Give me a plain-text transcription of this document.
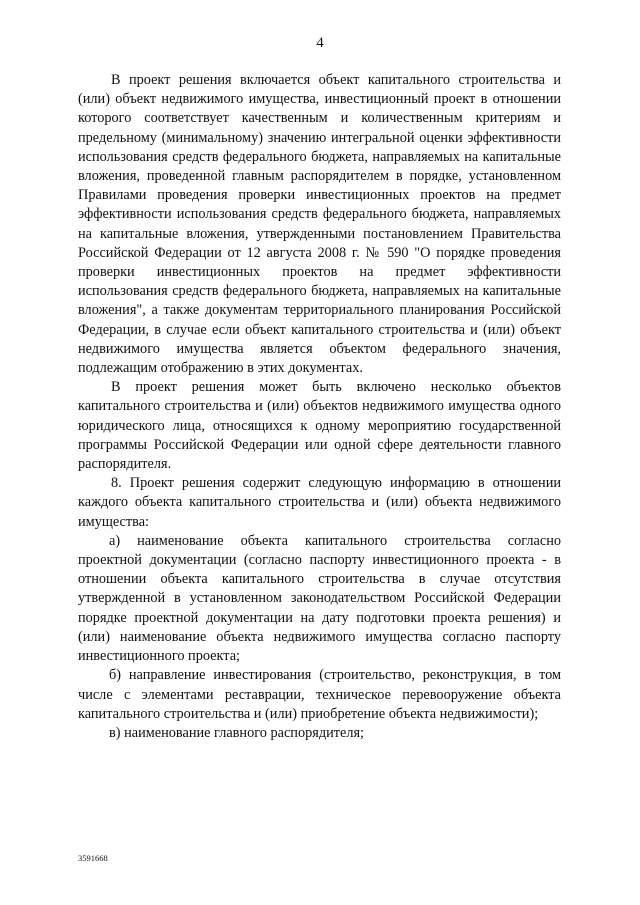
4

В проект решения включается объект капитального строительства и (или) объект недвижимого имущества, инвестиционный проект в отношении которого соответствует качественным и количественным критериям и предельному (минимальному) значению интегральной оценки эффективности использования средств федерального бюджета, направляемых на капитальные вложения, проведенной главным распорядителем в порядке, установленном Правилами проведения проверки инвестиционных проектов на предмет эффективности использования средств федерального бюджета, направляемых на капитальные вложения, утвержденными постановлением Правительства Российской Федерации от 12 августа 2008 г. № 590 "О порядке проведения проверки инвестиционных проектов на предмет эффективности использования средств федерального бюджета, направляемых на капитальные вложения", а также документам территориального планирования Российской Федерации, в случае если объект капитального строительства и (или) объект недвижимого имущества является объектом федерального значения, подлежащим отображению в этих документах.

В проект решения может быть включено несколько объектов капитального строительства и (или) объектов недвижимого имущества одного юридического лица, относящихся к одному мероприятию государственной программы Российской Федерации или одной сфере деятельности главного распорядителя.

8. Проект решения содержит следующую информацию в отношении каждого объекта капитального строительства и (или) объекта недвижимого имущества:

а) наименование объекта капитального строительства согласно проектной документации (согласно паспорту инвестиционного проекта - в отношении объекта капитального строительства в случае отсутствия утвержденной в установленном законодательством Российской Федерации порядке проектной документации на дату подготовки проекта решения) и (или) наименование объекта недвижимого имущества согласно паспорту инвестиционного проекта;

б) направление инвестирования (строительство, реконструкция, в том числе с элементами реставрации, техническое перевооружение объекта капитального строительства и (или) приобретение объекта недвижимости);

в) наименование главного распорядителя;

3591668
